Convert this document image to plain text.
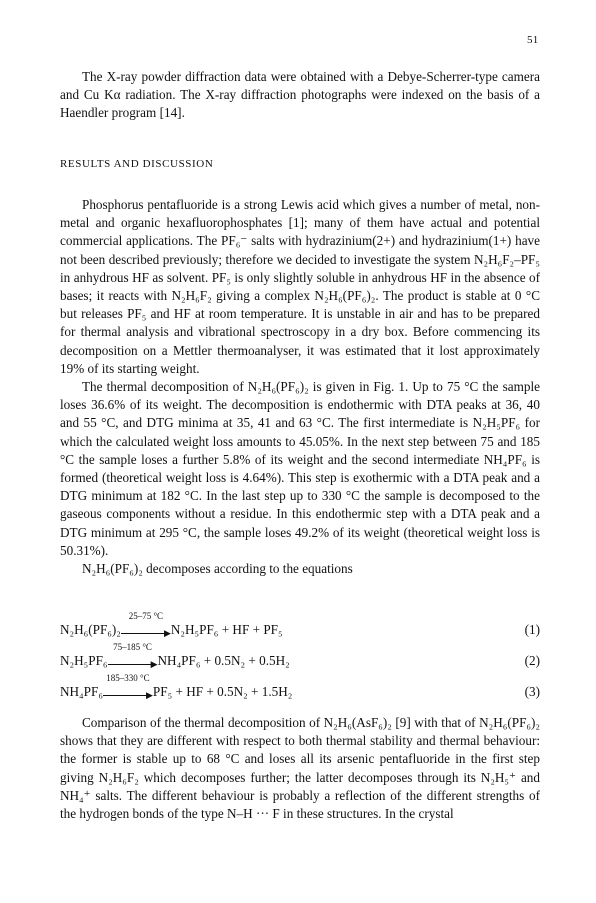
51

The X-ray powder diffraction data were obtained with a Debye-Scherrer-type camera and Cu Kα radiation. The X-ray diffraction photographs were indexed on the basis of a Haendler program [14].

RESULTS AND DISCUSSION

Phosphorus pentafluoride is a strong Lewis acid which gives a number of metal, non-metal and organic hexafluorophosphates [1]; many of them have actual and potential commercial applications. The PF₆⁻ salts with hydrazinium(2+) and hydrazinium(1+) have not been described previously; therefore we decided to investigate the system N₂H₆F₂–PF₅ in anhydrous HF as solvent. PF₅ is only slightly soluble in anhydrous HF in the absence of bases; it reacts with N₂H₆F₂ giving a complex N₂H₆(PF₆)₂. The product is stable at 0 °C but releases PF₅ and HF at room temperature. It is unstable in air and has to be prepared for thermal analysis and vibrational spectroscopy in a dry box. Before commencing its decomposition on a Mettler thermoanalyser, it was estimated that it lost approximately 19% of its starting weight.

The thermal decomposition of N₂H₆(PF₆)₂ is given in Fig. 1. Up to 75 °C the sample loses 36.6% of its weight. The decomposition is endothermic with DTA peaks at 36, 40 and 55 °C, and DTG minima at 35, 41 and 63 °C. The first intermediate is N₂H₅PF₆ for which the calculated weight loss amounts to 45.05%. In the next step between 75 and 185 °C the sample loses a further 5.8% of its weight and the second intermediate NH₄PF₆ is formed (theoretical weight loss is 4.64%). This step is exothermic with a DTA peak and a DTG minimum at 182 °C. In the last step up to 330 °C the sample is decomposed to the gaseous components without a residue. In this endothermic step with a DTA peak and a DTG minimum at 295 °C, the sample loses 49.2% of its weight (theoretical weight loss is 50.31%).

N₂H₆(PF₆)₂ decomposes according to the equations

N₂H₆(PF₆)₂
25–75 °C
▶ N₂H₅PF₆ + HF + PF₅	(1)
N₂H₅PF₆
75–185 °C
▶ NH₄PF₆ + 0.5N₂ + 0.5H₂	(2)
NH₄PF₆
185–330 °C
▶ PF₅ + HF + 0.5N₂ + 1.5H₂	(3)

Comparison of the thermal decomposition of N₂H₆(AsF₆)₂ [9] with that of N₂H₆(PF₆)₂ shows that they are different with respect to both thermal stability and thermal behaviour: the former is stable up to 68 °C and loses all its arsenic pentafluoride in the first step giving N₂H₆F₂ which decomposes further; the latter decomposes through its N₂H₅⁺ and NH₄⁺ salts. The different behaviour is probably a reflection of the different strengths of the hydrogen bonds of the type N–H ··· F in these structures. In the crystal
